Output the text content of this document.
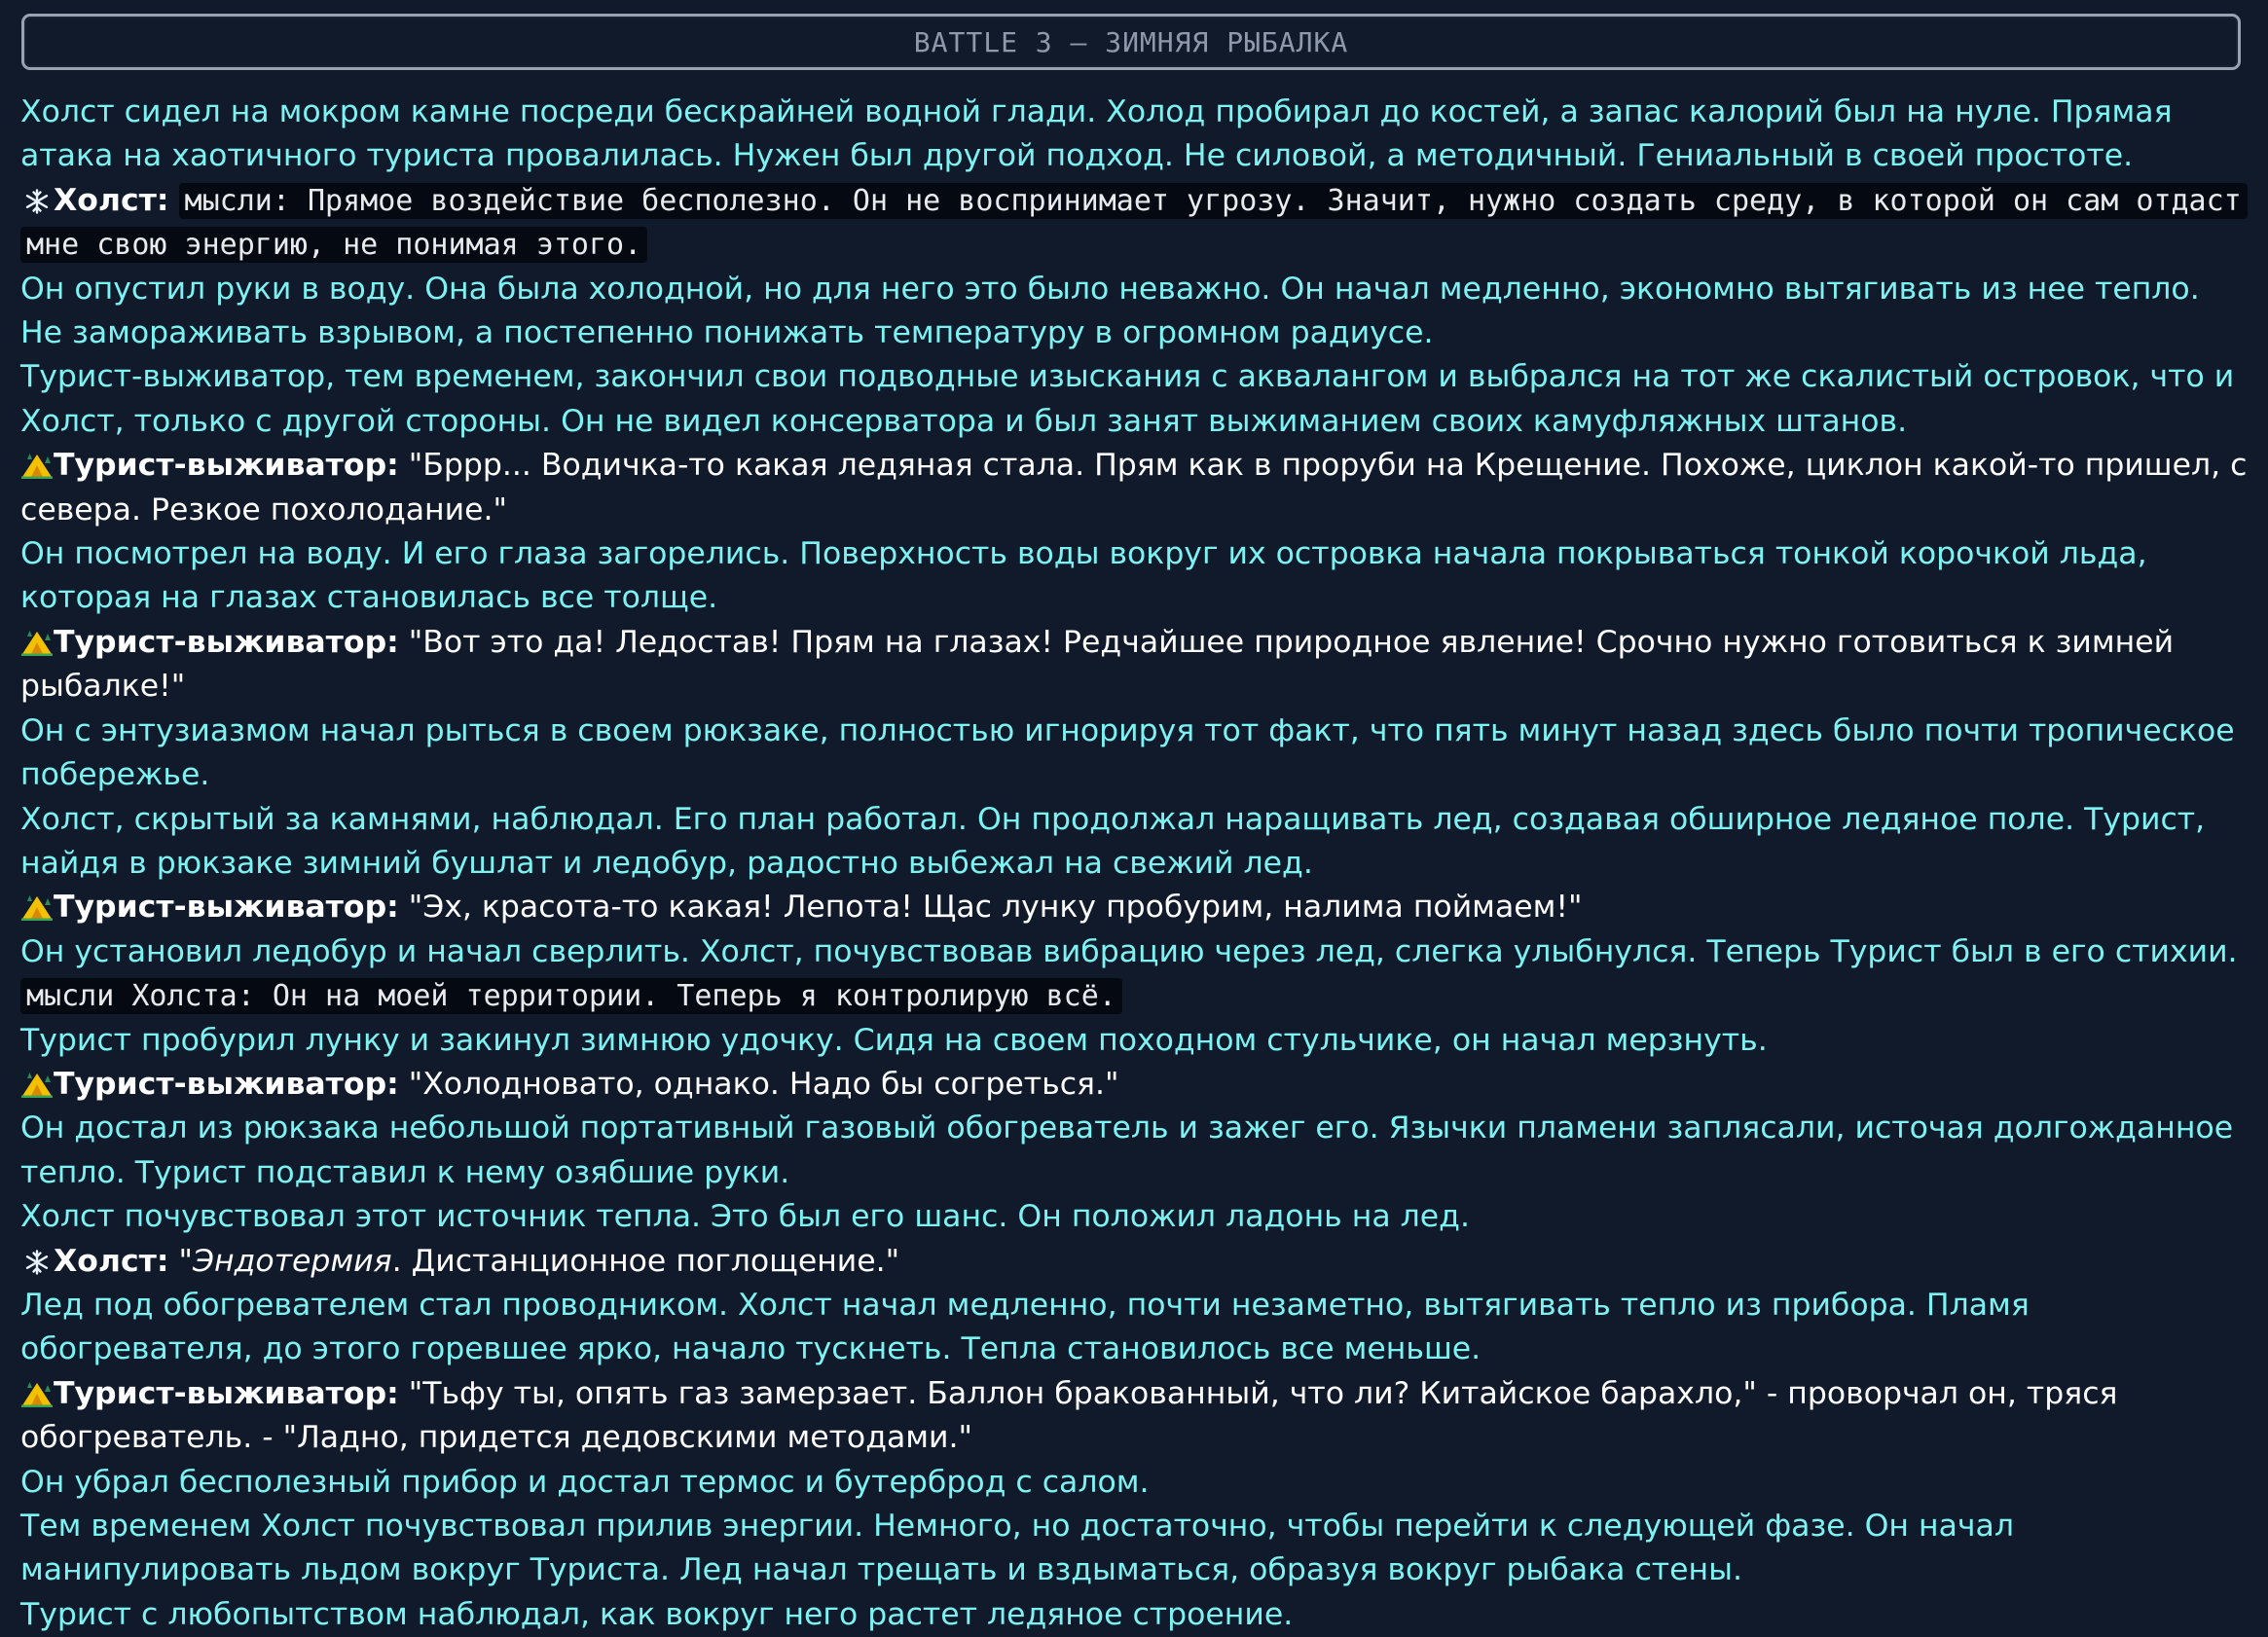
BATTLE 3 – ЗИМНЯЯ РЫБАЛКА

Холст сидел на мокром камне посреди бескрайней водной глади. Холод пробирал до костей, а запас калорий был на нуле. Прямая атака на хаотичного туриста провалилась. Нужен был другой подход. Не силовой, а методичный. Гениальный в своей простоте.

Холст: мысли: Прямое воздействие бесполезно. Он не воспринимает угрозу. Значит, нужно создать среду, в которой он сам отдаст мне свою энергию, не понимая этого.

Он опустил руки в воду. Она была холодной, но для него это было неважно. Он начал медленно, экономно вытягивать из нее тепло. Не замораживать взрывом, а постепенно понижать температуру в огромном радиусе.

Турист-выживатор, тем временем, закончил свои подводные изыскания с аквалангом и выбрался на тот же скалистый островок, что и Холст, только с другой стороны. Он не видел консерватора и был занят выжиманием своих камуфляжных штанов.

Турист-выживатор: "Бррр... Водичка-то какая ледяная стала. Прям как в проруби на Крещение. Похоже, циклон какой-то пришел, с севера. Резкое похолодание."

Он посмотрел на воду. И его глаза загорелись. Поверхность воды вокруг их островка начала покрываться тонкой корочкой льда, которая на глазах становилась все толще.

Турист-выживатор: "Вот это да! Ледостав! Прям на глазах! Редчайшее природное явление! Срочно нужно готовиться к зимней рыбалке!"

Он с энтузиазмом начал рыться в своем рюкзаке, полностью игнорируя тот факт, что пять минут назад здесь было почти тропическое побережье.

Холст, скрытый за камнями, наблюдал. Его план работал. Он продолжал наращивать лед, создавая обширное ледяное поле. Турист, найдя в рюкзаке зимний бушлат и ледобур, радостно выбежал на свежий лед.

Турист-выживатор: "Эх, красота-то какая! Лепота! Щас лунку пробурим, налима поймаем!"

Он установил ледобур и начал сверлить. Холст, почувствовав вибрацию через лед, слегка улыбнулся. Теперь Турист был в его стихии.

мысли Холста: Он на моей территории. Теперь я контролирую всё.

Турист пробурил лунку и закинул зимнюю удочку. Сидя на своем походном стульчике, он начал мерзнуть.

Турист-выживатор: "Холодновато, однако. Надо бы согреться."

Он достал из рюкзака небольшой портативный газовый обогреватель и зажег его. Язычки пламени заплясали, источая долгожданное тепло. Турист подставил к нему озябшие руки.

Холст почувствовал этот источник тепла. Это был его шанс. Он положил ладонь на лед.

Холст: "Эндотермия. Дистанционное поглощение."

Лед под обогревателем стал проводником. Холст начал медленно, почти незаметно, вытягивать тепло из прибора. Пламя обогревателя, до этого горевшее ярко, начало тускнеть. Тепла становилось все меньше.

Турист-выживатор: "Тьфу ты, опять газ замерзает. Баллон бракованный, что ли? Китайское барахло," - проворчал он, тряся обогреватель. - "Ладно, придется дедовскими методами."

Он убрал бесполезный прибор и достал термос и бутерброд с салом.

Тем временем Холст почувствовал прилив энергии. Немного, но достаточно, чтобы перейти к следующей фазе. Он начал манипулировать льдом вокруг Туриста. Лед начал трещать и вздыматься, образуя вокруг рыбака стены.

Турист с любопытством наблюдал, как вокруг него растет ледяное строение.
